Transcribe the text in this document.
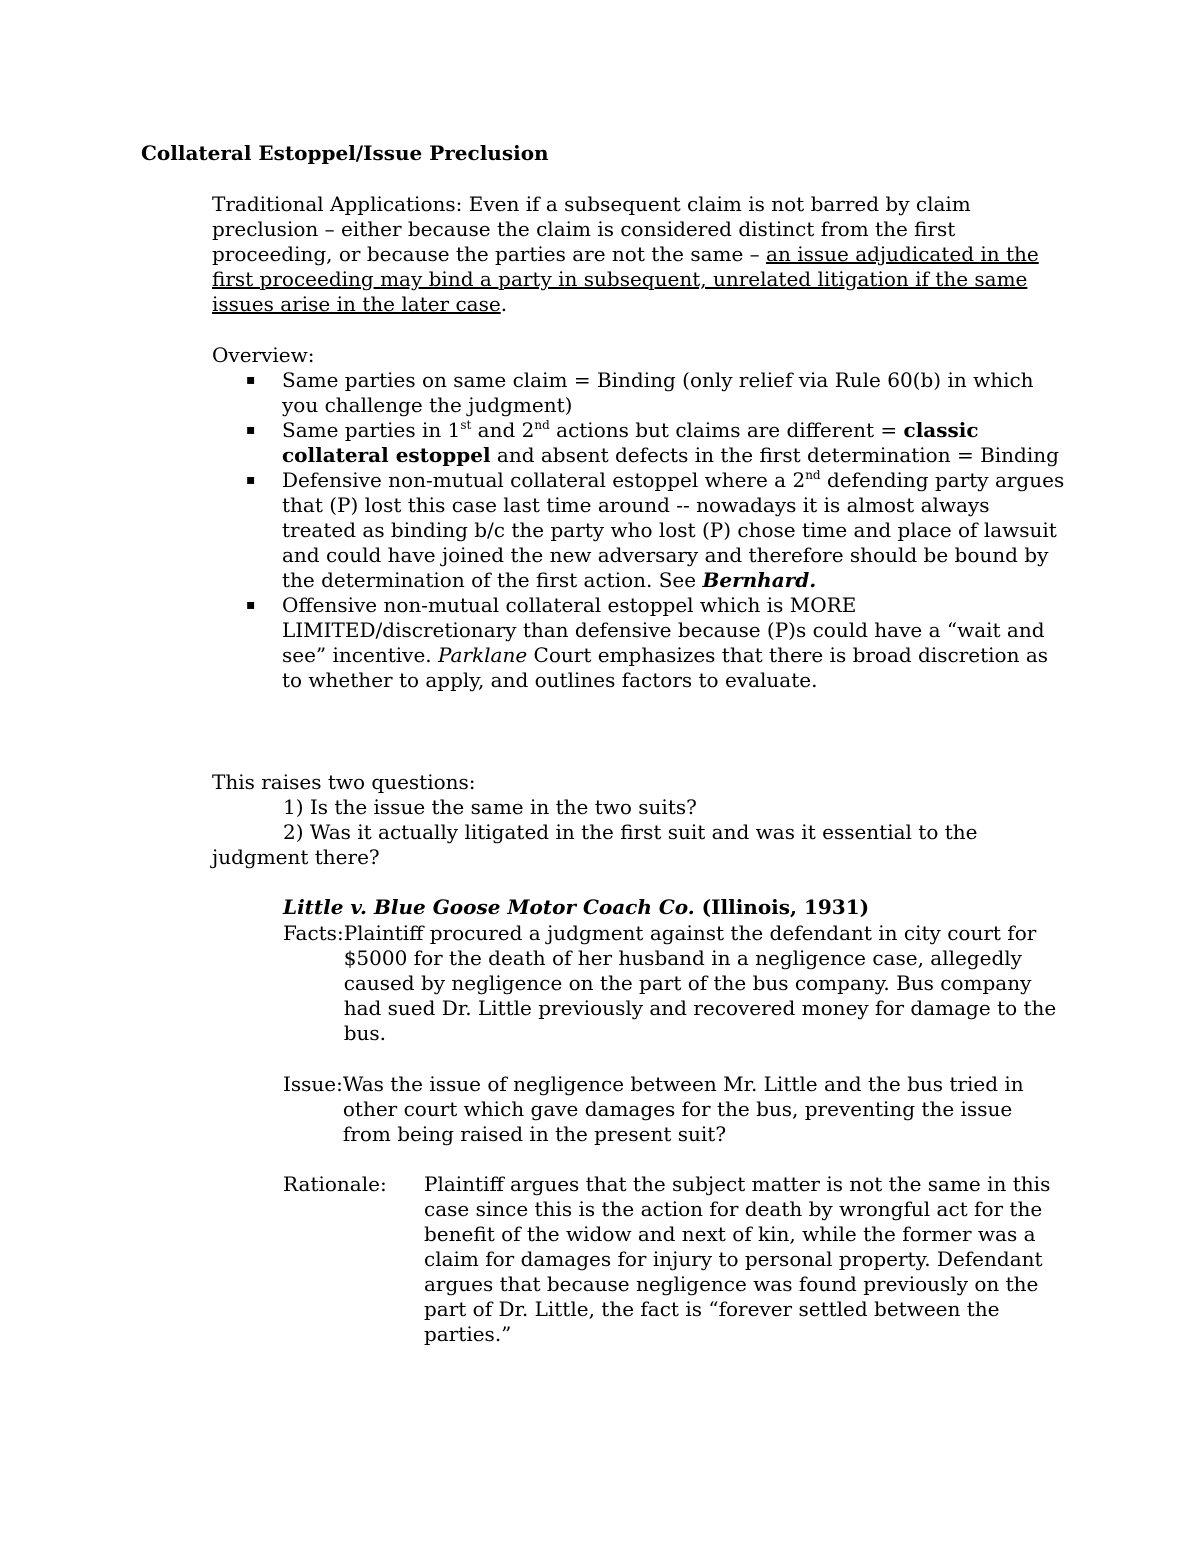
Collateral Estoppel/Issue Preclusion
Traditional Applications: Even if a subsequent claim is not barred by claim preclusion – either because the claim is considered distinct from the first proceeding, or because the parties are not the same – an issue adjudicated in the first proceeding may bind a party in subsequent, unrelated litigation if the same issues arise in the later case.
Overview:
▪ Same parties on same claim = Binding (only relief via Rule 60(b) in which you challenge the judgment)
▪ Same parties in 1st and 2nd actions but claims are different = classic collateral estoppel and absent defects in the first determination = Binding
▪ Defensive non-mutual collateral estoppel where a 2nd defending party argues that (P) lost this case last time around -- nowadays it is almost always treated as binding b/c the party who lost (P) chose time and place of lawsuit and could have joined the new adversary and therefore should be bound by the determination of the first action. See Bernhard.
▪ Offensive non-mutual collateral estoppel which is MORE LIMITED/discretionary than defensive because (P)s could have a “wait and see” incentive. Parklane Court emphasizes that there is broad discretion as to whether to apply, and outlines factors to evaluate.
This raises two questions:
1) Is the issue the same in the two suits?
2) Was it actually litigated in the first suit and was it essential to the judgment there?
Little v. Blue Goose Motor Coach Co. (Illinois, 1931)
Facts: Plaintiff procured a judgment against the defendant in city court for $5000 for the death of her husband in a negligence case, allegedly caused by negligence on the part of the bus company. Bus company had sued Dr. Little previously and recovered money for damage to the bus.
Issue: Was the issue of negligence between Mr. Little and the bus tried in other court which gave damages for the bus, preventing the issue from being raised in the present suit?
Rationale:	Plaintiff argues that the subject matter is not the same in this case since this is the action for death by wrongful act for the benefit of the widow and next of kin, while the former was a claim for damages for injury to personal property. Defendant argues that because negligence was found previously on the part of Dr. Little, the fact is “forever settled between the parties.”
